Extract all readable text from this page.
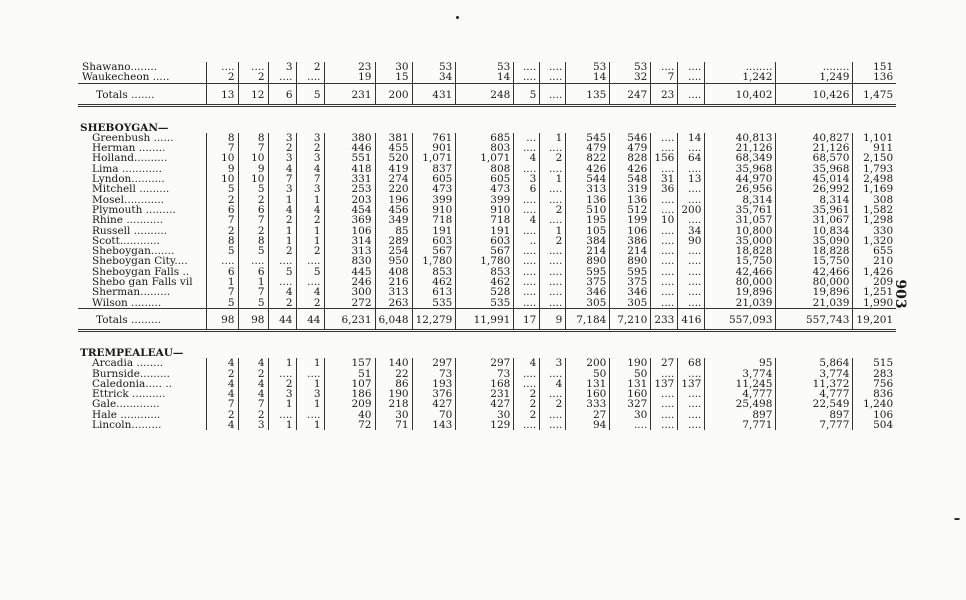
Shawano........	....	....	3	2	23	30	53	53	....	....	53	53	....	....	........	........	151
Waukecheon .....	2	2	....	....	19	15	34	14	....	....	14	32	7	....	1,242	1,249	136
Totals .......	13	12	6	5	231	200	431	248	5	....	135	247	23	....	10,402	10,426	1,475

SHEBOYGAN—																	
Greenbush ......	8	8	3	3	380	381	761	685	...	1	545	546	....	14	40,813	40,827	1,101
Herman ........	7	7	2	2	446	455	901	803	....	....	479	479	....	....	21,126	21,126	911
Holland..........	10	10	3	3	551	520	1,071	1,071	4	2	822	828	156	64	68,349	68,570	2,150
Lima ............	9	9	4	4	418	419	837	808	....	....	426	426	....	....	35,968	35,968	1,793
Lyndon..........	10	10	7	7	331	274	605	605	3	1	544	548	31	13	44,970	45,014	2,498
Mitchell .........	5	5	3	3	253	220	473	473	6	....	313	319	36	....	26,956	26,992	1,169
Mosel............	2	2	1	1	203	196	399	399	....	....	136	136	....	....	8,314	8,314	308
Plymouth .........	6	6	4	4	454	456	910	910	....	2	510	512	....	200	35,761	35,961	1,582
Rhine ...........	7	7	2	2	369	349	718	718	4	....	195	199	10	....	31,057	31,067	1,298
Russell ..........	2	2	1	1	106	85	191	191	....	1	105	106	....	34	10,800	10,834	330
Scott............	8	8	1	1	314	289	603	603	..	2	384	386	....	90	35,000	35,090	1,320
Sheboygan.......	5	5	2	2	313	254	567	567	....	....	214	214	....	....	18,828	18,828	655
Sheboygan City....	....	....	....	....	830	950	1,780	1,780	....	....	890	890	....	....	15,750	15,750	210
Sheboygan Falls ..	6	6	5	5	445	408	853	853	....	....	595	595	....	....	42,466	42,466	1,426
Shebo gan Falls vil	1	1	....	....	246	216	462	462	....	....	375	375	....	....	80,000	80,000	209
Sherman.........	7	7	4	4	300	313	613	528	....	....	346	346	....	....	19,896	19,896	1,251
Wilson .........	5	5	2	2	272	263	535	535	....	....	305	305	....	....	21,039	21,039	1,990
Totals .........	98	98	44	44	6,231	6,048	12,279	11,991	17	9	7,184	7,210	233	416	557,093	557,743	19,201

TREMPEALEAU—																	
Arcadia ........	4	4	1	1	157	140	297	297	4	3	200	190	27	68	95	5,864	515
Burnside.........	2	2	....	....	51	22	73	73	....	....	50	50	....	....	3,774	3,774	283
Caledonia..... ..	4	4	2	1	107	86	193	168	....	4	131	131	137	137	11,245	11,372	756
Ettrick ..........	4	4	3	3	186	190	376	231	2	....	160	160	....	....	4,777	4,777	836
Gale.............	7	7	1	1	209	218	427	427	2	2	333	327	....	....	25,498	22,549	1,240
Hale ............	2	2	....	....	40	30	70	30	2	....	27	30	....	....	897	897	106
Lincoln.........	4	3	1	1	72	71	143	129	....	....	94	....	....	....	7,771	7,777	504
903
